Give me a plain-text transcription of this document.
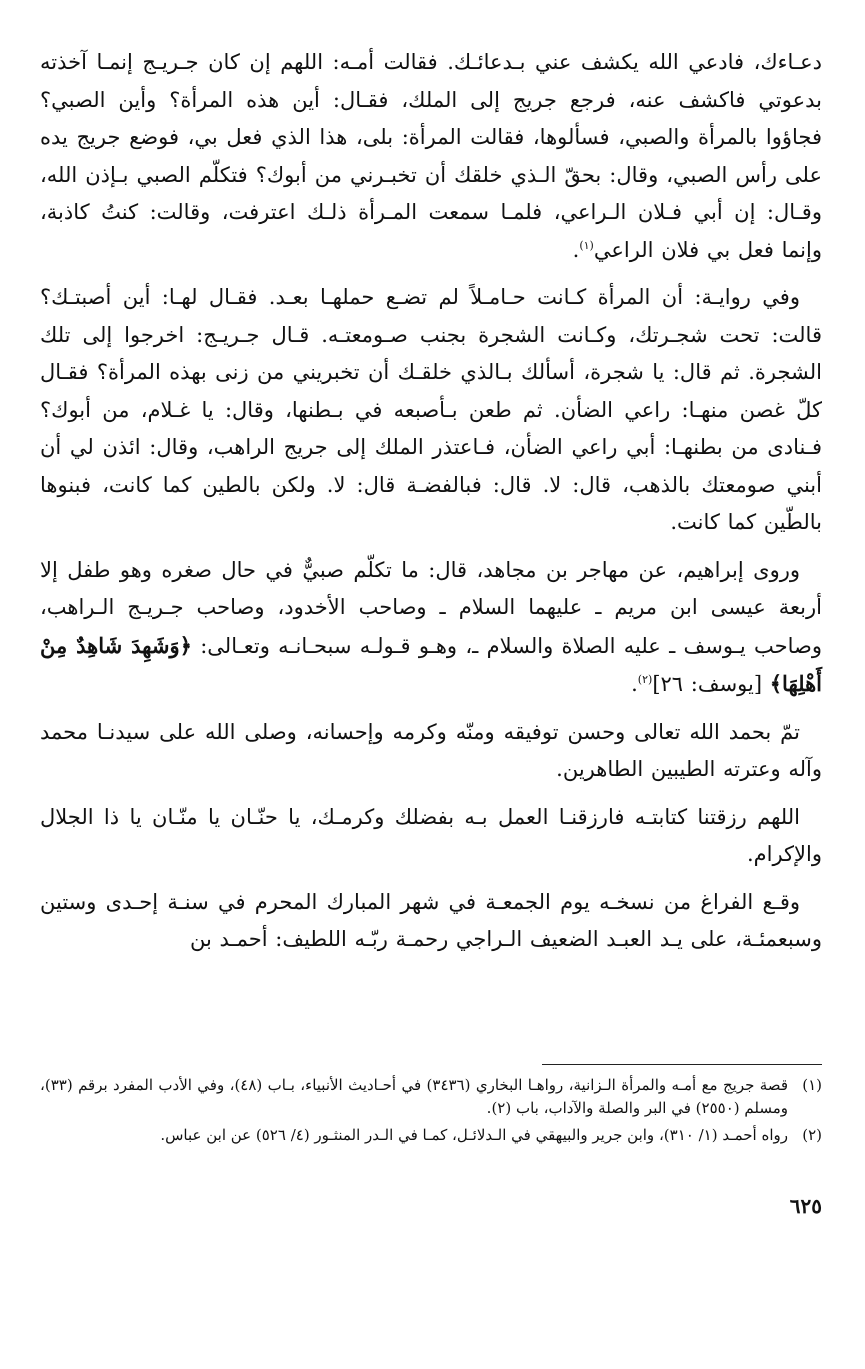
دعـاءك، فادعي الله يكشف عني بـدعائـك. فقالت أمـه: اللهم إن كان جـريـج إنمـا آخذته بدعوتي فاكشف عنه، فرجع جريج إلى الملك، فقـال: أين هذه المرأة؟ وأين الصبي؟ فجاؤوا بالمرأة والصبي، فسألوها، فقالت المرأة: بلى، هذا الذي فعل بي، فوضع جريج يده على رأس الصبي، وقال: بحقّ الـذي خلقك أن تخبـرني من أبوك؟ فتكلّم الصبي بـإذن الله، وقـال: إن أبي فـلان الـراعي، فلمـا سمعت المـرأة ذلـك اعترفت، وقالت: كنتُ كاذبة، وإنما فعل بي فلان الراعي$^{(١)}$.

وفي روايـة: أن المرأة كـانت حـامـلاً لم تضـع حملهـا بعـد. فقـال لهـا: أين أصبتـك؟ قالت: تحت شجـرتك، وكـانت الشجرة بجنب صـومعتـه. قـال جـريـج: اخرجوا إلى تلك الشجرة. ثم قال: يا شجرة، أسألك بـالذي خلقـك أن تخبريني من زنى بهذه المرأة؟ فقـال كلّ غصن منهـا: راعي الضأن. ثم طعن بـأصبعه في بـطنها، وقال: يا غـلام، من أبوك؟ فـنادى من بطنهـا: أبي راعي الضأن، فـاعتذر الملك إلى جريج الراهب، وقال: ائذن لي أن أبني صومعتك بالذهب، قال: لا. قال: فبالفضـة قال: لا. ولكن بالطين كما كانت، فبنوها بالطّين كما كانت.

وروى إبراهيم، عن مهاجر بن مجاهد، قال: ما تكلّم صبيٌّ في حال صغره وهو طفل إلا أربعة عيسى ابن مريم ـ عليهما السلام ـ وصاحب الأخدود، وصاحب جـريـج الـراهب، وصاحب يـوسف ـ عليه الصلاة والسلام ـ، وهـو قـولـه سبحـانـه وتعـالى: ﴿وَشَهِدَ شَاهِدٌ مِنْ أَهْلِهَا﴾ [يوسف: ٢٦]$^{(٢)}$.

تمّ بحمد الله تعالى وحسن توفيقه ومنّه وكرمه وإحسانه، وصلى الله على سيدنـا محمد وآله وعترته الطيبين الطاهرين.

اللهم رزقتنا كتابتـه فارزقنـا العمل بـه بفضلك وكرمـك، يا حنّـان يا منّـان يا ذا الجلال والإكرام.

وقـع الفراغ من نسخـه يوم الجمعـة في شهر المبارك المحرم في سنـة إحـدى وستين وسبعمئـة، على يـد العبـد الضعيف الـراجي رحمـة ربّـه اللطيف: أحمـد بن

(١)
قصة جريج مع أمـه والمرأة الـزانية، رواهـا البخاري (٣٤٣٦) في أحـاديث الأنبياء، بـاب (٤٨)، وفي الأدب المفرد برقم (٣٣)، ومسلم (٢٥٥٠) في البر والصلة والآداب، باب (٢).

(٢)
رواه أحمـد (١/ ٣١٠)، وابن جرير والبيهقي في الـدلائـل، كمـا في الـدر المنثـور (٤/ ٥٢٦) عن ابن عباس.

٦٢٥
